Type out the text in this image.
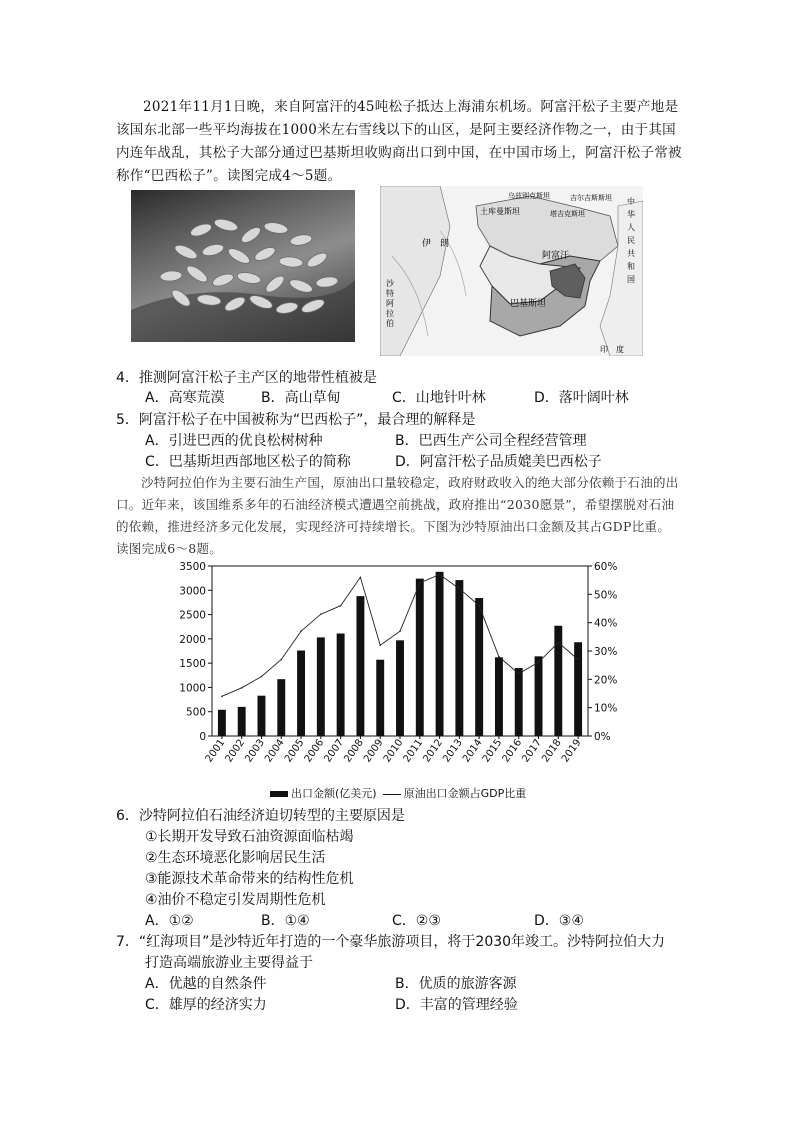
2021年11月1日晚，来自阿富汗的45吨松子抵达上海浦东机场。阿富汗松子主要产地是该国东北部一些平均海拔在1000米左右雪线以下的山区，是阿主要经济作物之一，由于其国内连年战乱，其松子大部分通过巴基斯坦收购商出口到中国，在中国市场上，阿富汗松子常被称作“巴西松子”。读图完成4～5题。

中华人民共和国
阿富汗
巴基斯坦
伊　朗
土库曼斯坦	塔吉克斯坦
乌兹别克斯坦	吉尔吉斯斯坦
沙特阿拉伯
印　度
4．推测阿富汗松子主产区的地带性植被是
A．高寒荒漠	B．高山草甸	C．山地针叶林	D．落叶阔叶林
5．阿富汗松子在中国被称为“巴西松子”，最合理的解释是
A．引进巴西的优良松树树种	B．巴西生产公司全程经营管理
C．巴基斯坦西部地区松子的简称	D．阿富汗松子品质媲美巴西松子

沙特阿拉伯作为主要石油生产国，原油出口量较稳定，政府财政收入的绝大部分依赖于石油的出口。近年来，该国维系多年的石油经济模式遭遇空前挑战，政府推出“2030愿景”，希望摆脱对石油的依赖，推进经济多元化发展，实现经济可持续增长。下图为沙特原油出口金额及其占GDP比重。读图完成6～8题。

0
500
1000
1500
2000
2500
3000
3500
0%
10%
20%
30%
40%
50%
60%
2001
2002
2003
2004
2005
2006
2007
2008
2009
2010
2011
2012
2013
2014
2015
2016
2017
2018
2019
出口金额(亿美元) 原油出口金额占GDP比重
6．沙特阿拉伯石油经济迫切转型的主要原因是
①长期开发导致石油资源面临枯竭
②生态环境恶化影响居民生活
③能源技术革命带来的结构性危机
④油价不稳定引发周期性危机
A．①②	B．①④	C．②③	D．③④
7．“红海项目”是沙特近年打造的一个豪华旅游项目，将于2030年竣工。沙特阿拉伯大力
打造高端旅游业主要得益于
A．优越的自然条件	B．优质的旅游客源
C．雄厚的经济实力	D．丰富的管理经验
